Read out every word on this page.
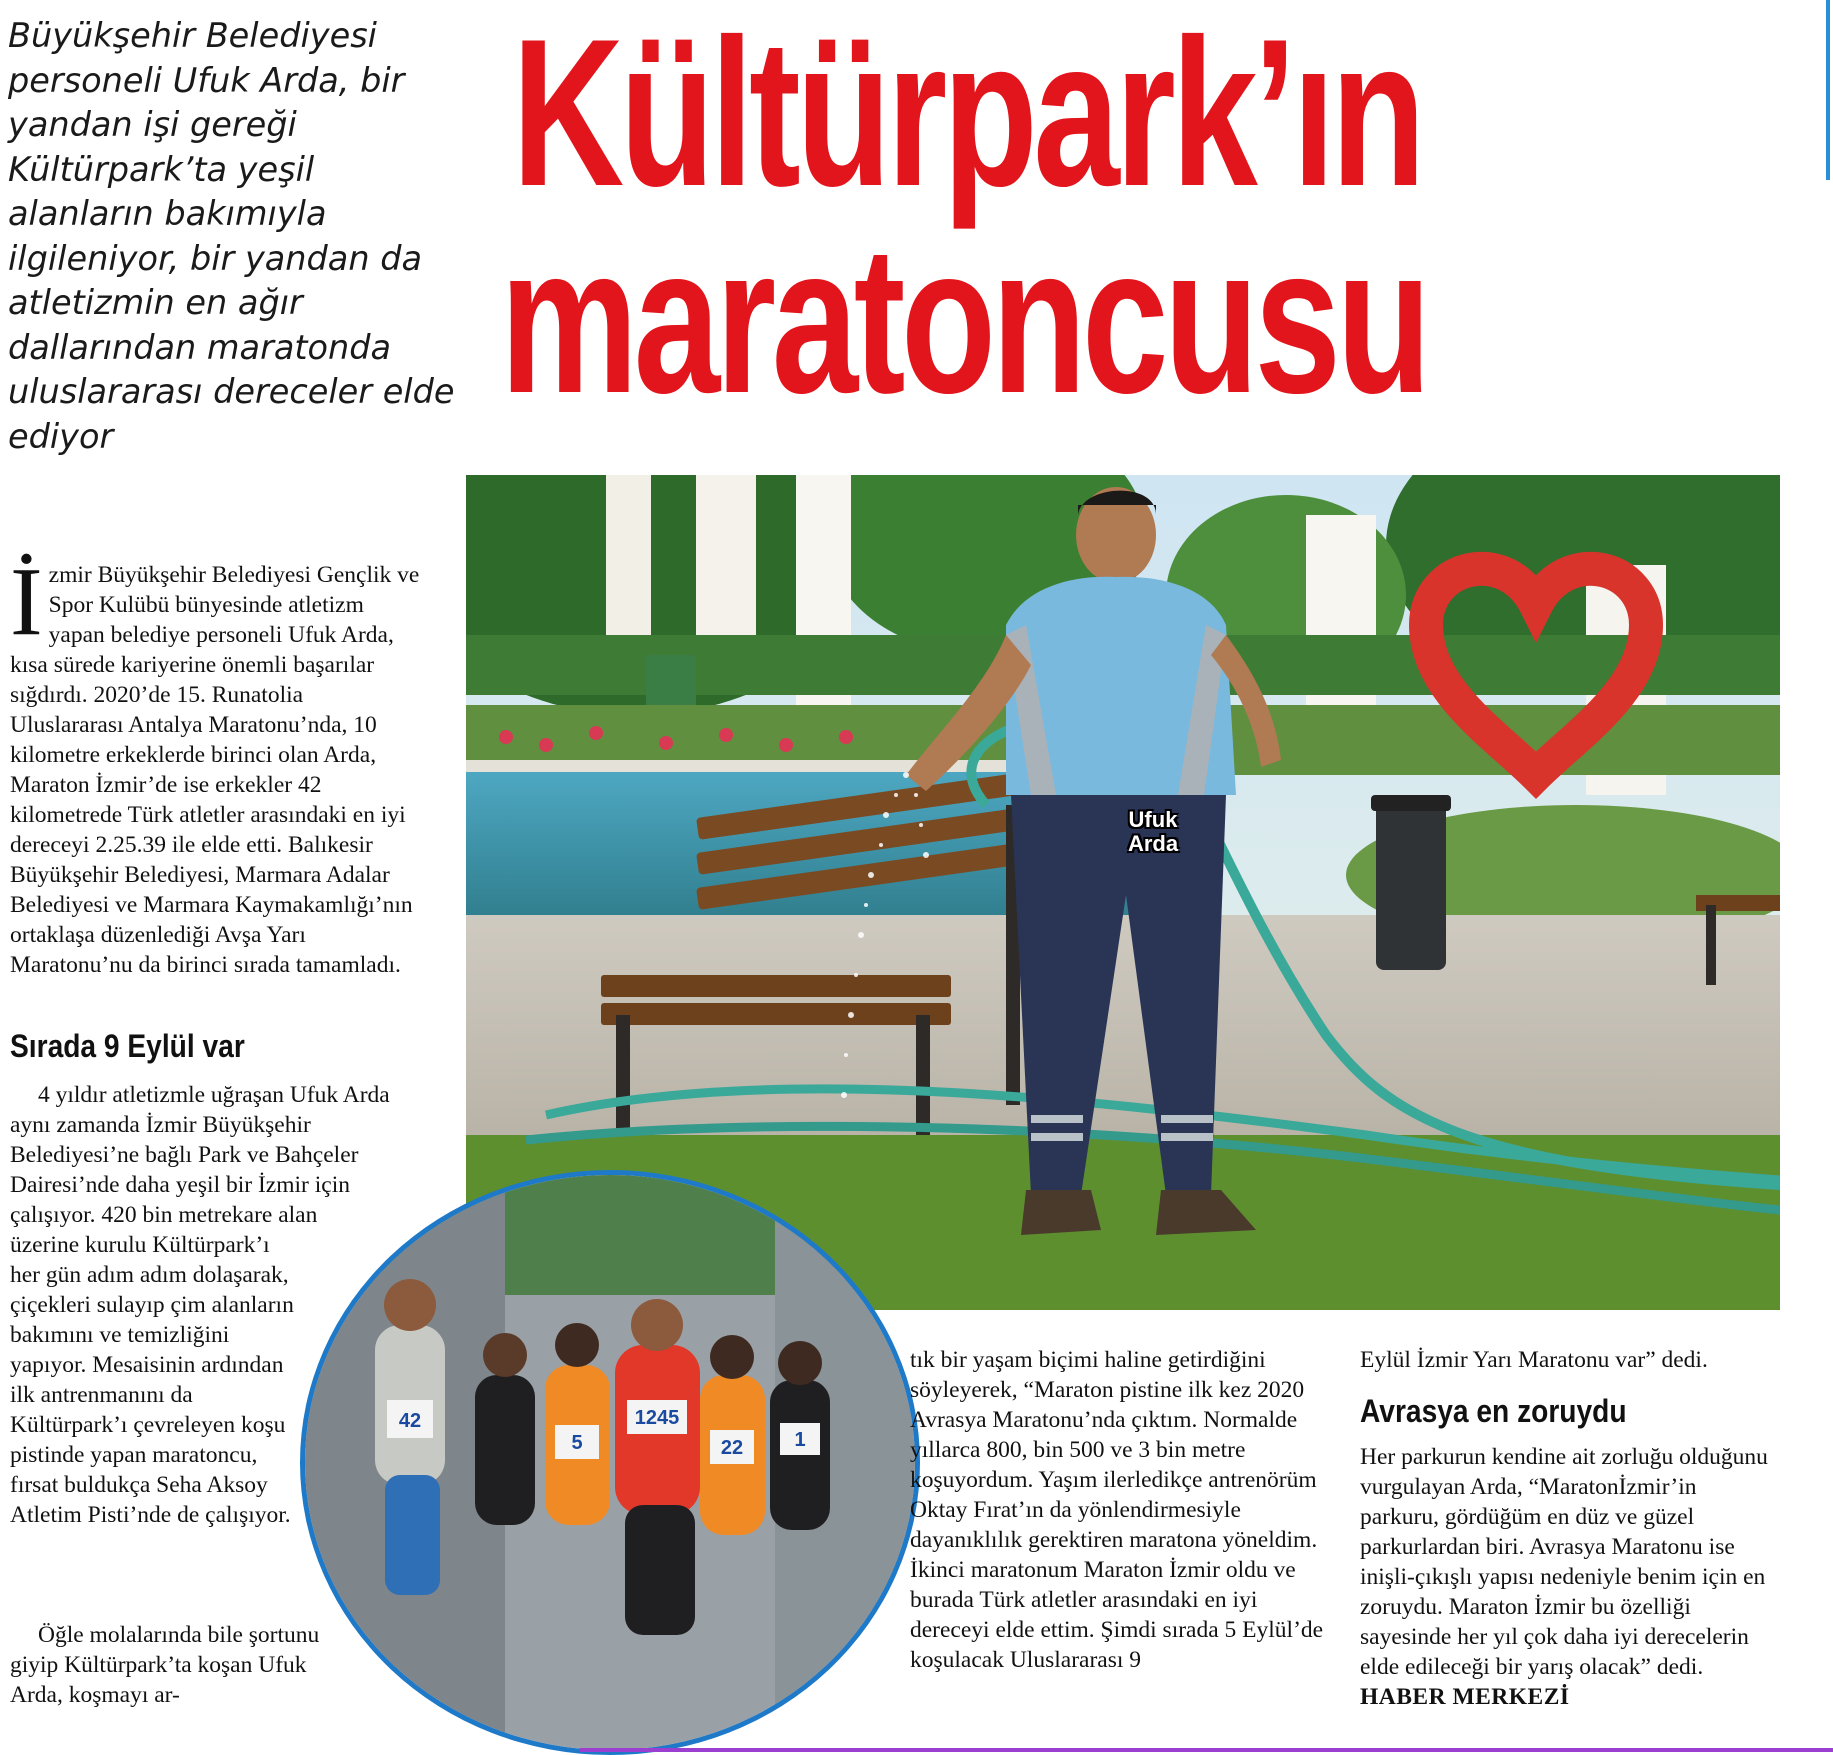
Kültürpark’ın
maratoncusu
Büyükşehir Belediyesi personeli Ufuk Arda, bir yandan işi gereği Kültürpark’ta yeşil alanların bakımıyla ilgileniyor, bir yandan da atletizmin en ağır dallarından maratonda uluslararası dereceler elde ediyor
Ufuk
Arda
42
5
1245
22	1
İ zmir Büyükşehir Belediyesi Gençlik ve Spor Kulübü bünyesinde atletizm yapan belediye personeli Ufuk Arda, kısa sürede kariyerine önemli başarılar sığdırdı. 2020’de 15. Runatolia Uluslararası Antalya Maratonu’nda, 10 kilometre erkeklerde birinci olan Arda, Maraton İzmir’de ise erkekler 42 kilometrede Türk atletler arasındaki en iyi dereceyi 2.25.39 ile elde etti. Balıkesir Büyükşehir Belediyesi, Marmara Adalar Belediyesi ve Marmara Kaymakamlığı’nın ortaklaşa düzenlediği Avşa Yarı Maratonu’nu da birinci sırada tamamladı.
Sırada 9 Eylül var
4 yıldır atletizmle uğraşan Ufuk Arda aynı zamanda İzmir Büyükşehir Belediyesi’ne bağlı Park ve Bahçeler Dairesi’nde daha yeşil bir İzmir için çalışıyor. 420 bin metrekare alan
üzerine kurulu Kültürpark’ı her gün adım adım dolaşarak, çiçekleri sulayıp çim alanların bakımını ve temizliğini yapıyor. Mesaisinin ardından ilk antrenmanını da Kültürpark’ı çevreleyen koşu pistinde yapan maratoncu, fırsat buldukça Seha Aksoy Atletim Pisti’nde de çalışıyor.
Öğle molalarında bile şortunu giyip Kültürpark’ta koşan Ufuk Arda, koşmayı ar-
tık bir yaşam biçimi haline getirdiğini söyleyerek, “Maraton pistine ilk kez 2020 Avrasya Maratonu’nda çıktım. Normalde yıllarca 800, bin 500 ve 3 bin metre koşuyordum. Yaşım ilerledikçe antrenörüm Oktay Fırat’ın da yönlendirmesiyle dayanıklılık gerektiren maratona yöneldim. İkinci maratonum Maraton İzmir oldu ve burada Türk atletler arasındaki en iyi dereceyi elde ettim. Şimdi sırada 5 Eylül’de koşulacak Uluslararası 9
Eylül İzmir Yarı Maratonu var” dedi.
Avrasya en zoruydu
Her parkurun kendine ait zorluğu olduğunu vurgulayan Arda, “Maratonİzmir’in parkuru, gördüğüm en düz ve güzel parkurlardan biri. Avrasya Maratonu ise inişli-çıkışlı yapısı nedeniyle benim için en zoruydu. Maraton İzmir bu özelliği sayesinde her yıl çok daha iyi derecelerin elde edileceği bir yarış olacak” dedi. HABER MERKEZİ
